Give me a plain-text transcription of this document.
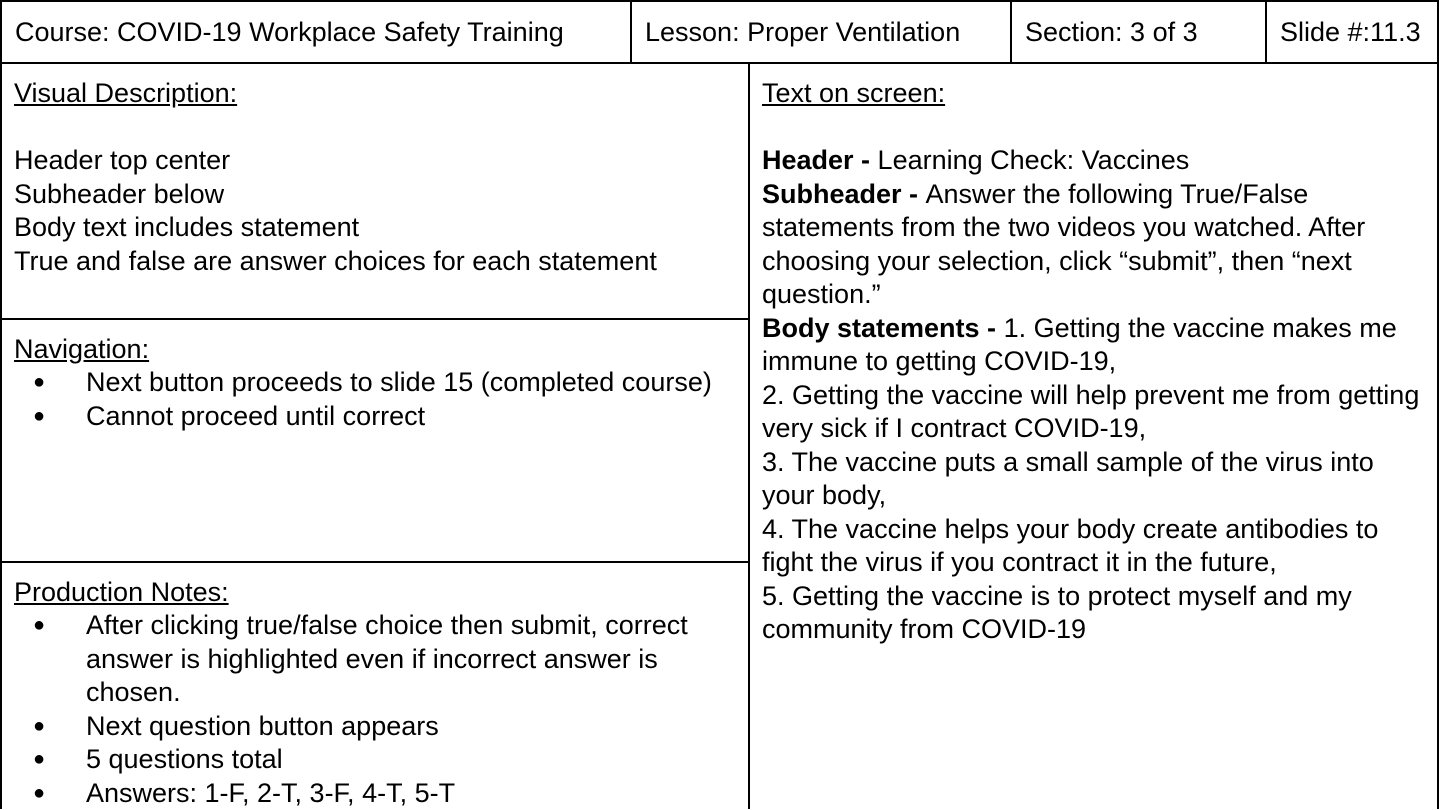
Course: COVID-19 Workplace Safety Training	Lesson: Proper Ventilation	Section: 3 of 3	Slide #:11.3

Visual Description:

Header top center
Subheader below
Body text includes statement
True and false are answer choices for each statement

Navigation:

● Next button proceeds to slide 15 (completed course)
● Cannot proceed until correct

Production Notes:

● After clicking true/false choice then submit, correct answer is highlighted even if incorrect answer is chosen.
● Next question button appears
● 5 questions total
● Answers: 1-F, 2-T, 3-F, 4-T, 5-T

Text on screen:

Header - Learning Check: Vaccines

Subheader - Answer the following True/False statements from the two videos you watched. After choosing your selection, click “submit”, then “next question.”

Body statements - 1. Getting the vaccine makes me immune to getting COVID-19,

2. Getting the vaccine will help prevent me from getting very sick if I contract COVID-19,

3. The vaccine puts a small sample of the virus into your body,

4. The vaccine helps your body create antibodies to fight the virus if you contract it in the future,

5. Getting the vaccine is to protect myself and my community from COVID-19
